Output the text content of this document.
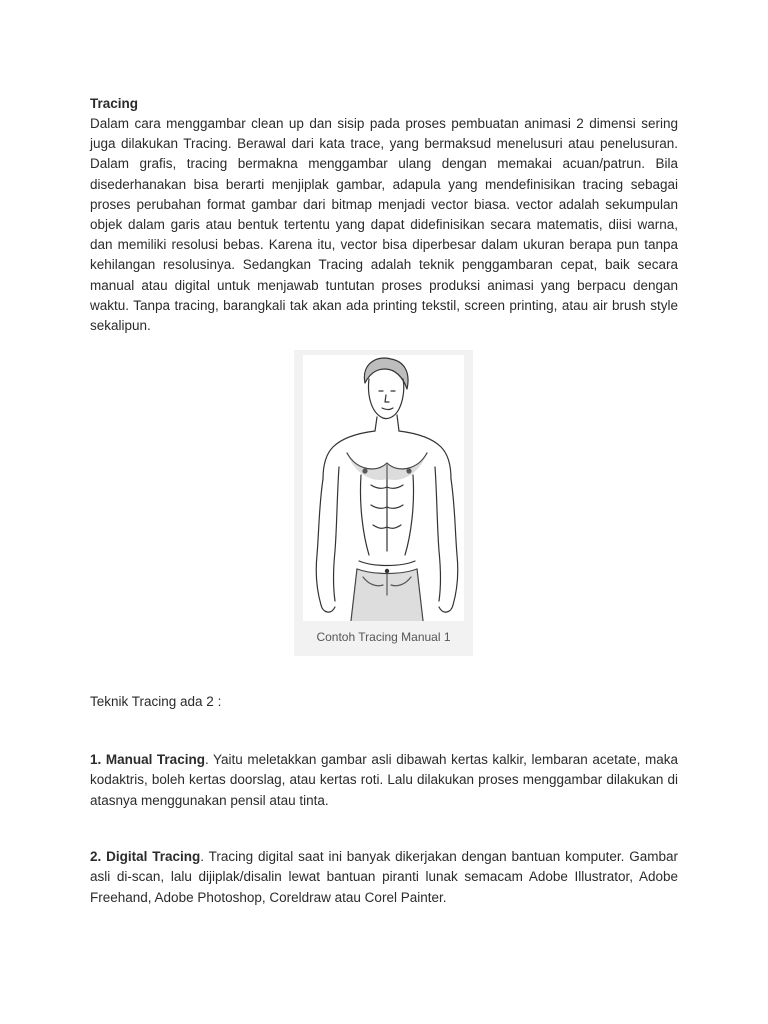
Tracing

Dalam cara menggambar clean up dan sisip pada proses pembuatan animasi 2 dimensi sering juga dilakukan Tracing. Berawal dari kata trace, yang bermaksud menelusuri atau penelusuran. Dalam grafis, tracing bermakna menggambar ulang dengan memakai acuan/patrun. Bila disederhanakan bisa berarti menjiplak gambar, adapula yang mendefinisikan tracing sebagai proses perubahan format gambar dari bitmap menjadi vector biasa. vector adalah sekumpulan objek dalam garis atau bentuk tertentu yang dapat didefinisikan secara matematis, diisi warna, dan memiliki resolusi bebas. Karena itu, vector bisa diperbesar dalam ukuran berapa pun tanpa kehilangan resolusinya. Sedangkan Tracing adalah teknik penggambaran cepat, baik secara manual atau digital untuk menjawab tuntutan proses produksi animasi yang berpacu dengan waktu. Tanpa tracing, barangkali tak akan ada printing tekstil, screen printing, atau air brush style sekalipun.

Contoh Tracing Manual 1

Teknik Tracing ada 2 :

1. Manual Tracing. Yaitu meletakkan gambar asli dibawah kertas kalkir, lembaran acetate, maka kodaktris, boleh kertas doorslag, atau kertas roti. Lalu dilakukan proses menggambar dilakukan di atasnya menggunakan pensil atau tinta.

2. Digital Tracing. Tracing digital saat ini banyak dikerjakan dengan bantuan komputer. Gambar asli di-scan, lalu dijiplak/disalin lewat bantuan piranti lunak semacam Adobe Illustrator, Adobe Freehand, Adobe Photoshop, Coreldraw atau Corel Painter.
